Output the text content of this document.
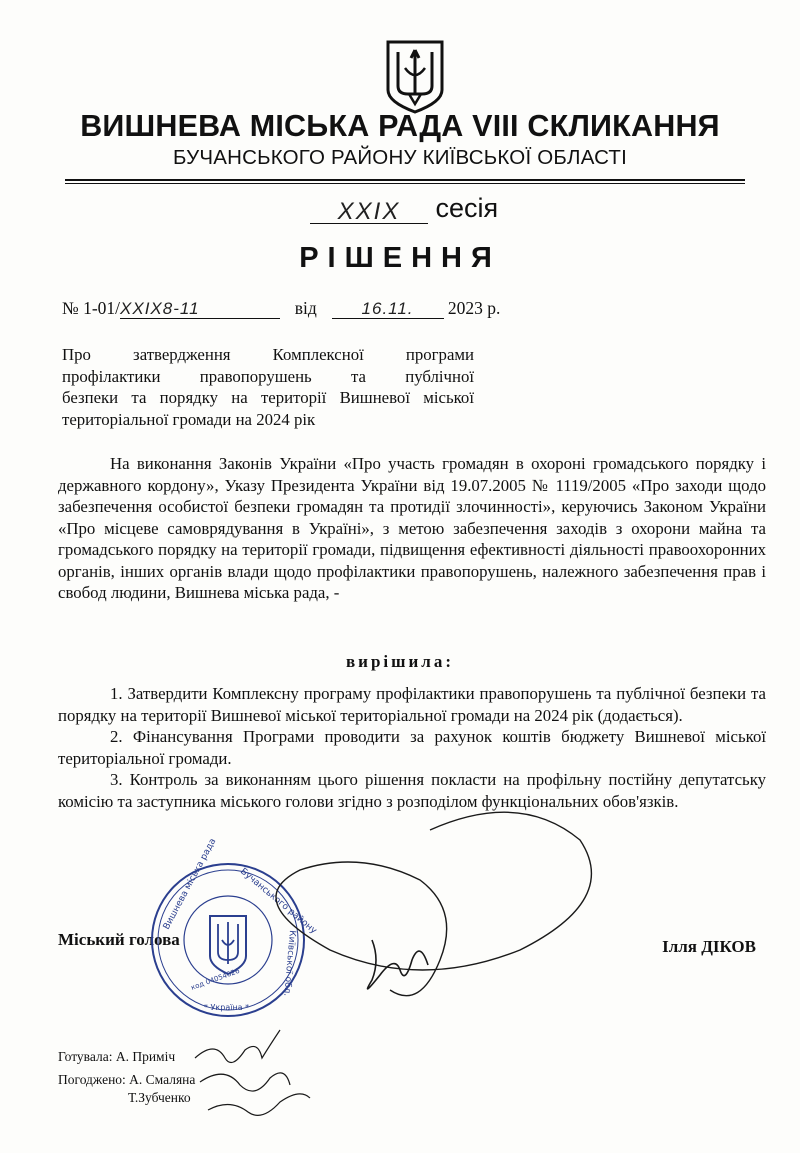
ВИШНЕВА МІСЬКА РАДА VIII СКЛИКАННЯ
БУЧАНСЬКОГО РАЙОНУ КИЇВСЬКОЇ ОБЛАСТІ
XXIX сесія
РІШЕННЯ
№ 1-01/XXIX8-11	від	16.11. 2023 р.

Про затвердження Комплексної програми

профілактики правопорушень та публічної

безпеки та порядку на території Вишневої міської

територіальної громади на 2024 рік

На виконання Законів України «Про участь громадян в охороні громадського порядку і державного кордону», Указу Президента України від 19.07.2005 № 1119/2005 «Про заходи щодо забезпечення особистої безпеки громадян та протидії злочинності», керуючись Законом України «Про місцеве самоврядування в Україні», з метою забезпечення заходів з охорони майна та громадського порядку на території громади, підвищення ефективності діяльності правоохоронних органів, інших органів влади щодо профілактики правопорушень, належного забезпечення прав і свобод людини, Вишнева міська рада, -

вирішила:

1. Затвердити Комплексну програму профілактики правопорушень та публічної безпеки та порядку на території Вишневої міської територіальної громади на 2024 рік (додається).

2. Фінансування Програми проводити за рахунок коштів бюджету Вишневої міської територіальної громади.

3. Контроль за виконанням цього рішення покласти на профільну постійну депутатську комісію та заступника міського голови згідно з розподілом функціональних обов'язків.

Міський голова	Ілля ДІКОВ
Вишнева міська рада Бучанського району
Київської обл.
* Україна *
код 04054626
Готувала: А. Приміч
Погоджено: А. Смаляна
Т.Зубченко
